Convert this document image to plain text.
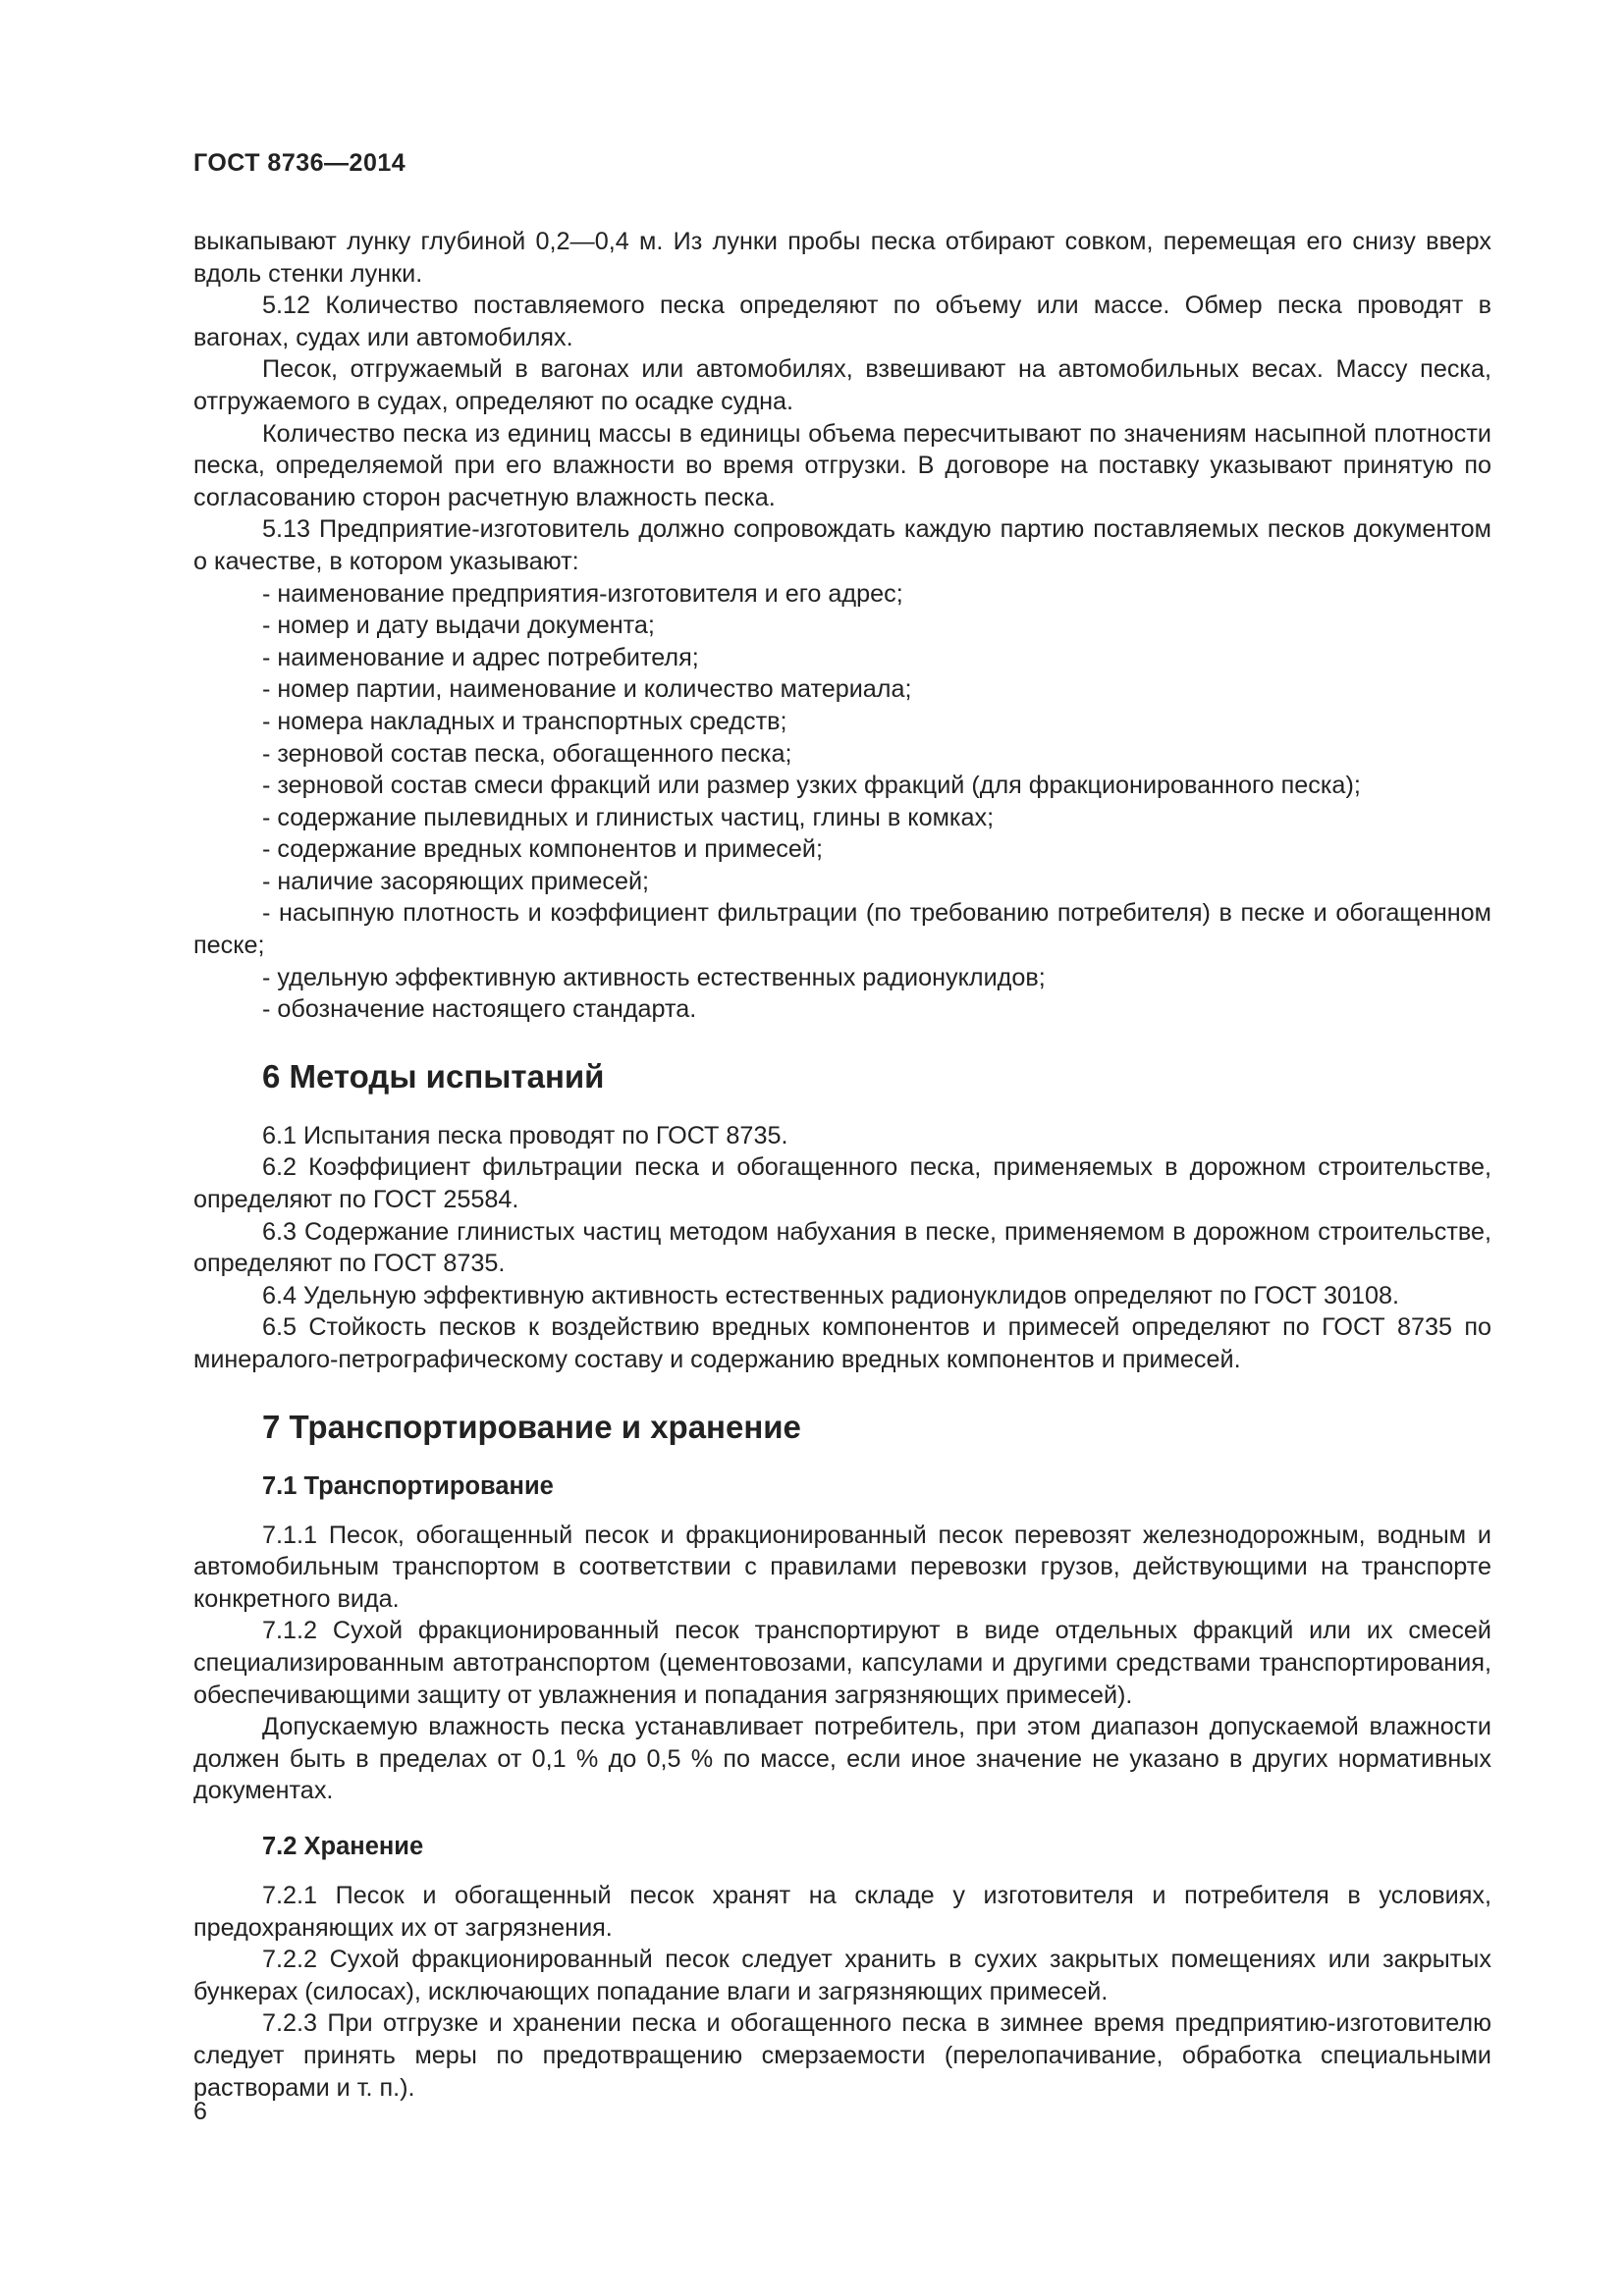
ГОСТ 8736—2014

выкапывают лунку глубиной 0,2—0,4 м. Из лунки пробы песка отбирают совком, перемещая его снизу вверх вдоль стенки лунки.

5.12 Количество поставляемого песка определяют по объему или массе. Обмер песка проводят в вагонах, судах или автомобилях.

Песок, отгружаемый в вагонах или автомобилях, взвешивают на автомобильных весах. Массу песка, отгружаемого в судах, определяют по осадке судна.

Количество песка из единиц массы в единицы объема пересчитывают по значениям насыпной плотности песка, определяемой при его влажности во время отгрузки. В договоре на поставку указывают принятую по согласованию сторон расчетную влажность песка.

5.13 Предприятие-изготовитель должно сопровождать каждую партию поставляемых песков документом о качестве, в котором указывают:

- наименование предприятия-изготовителя и его адрес;

- номер и дату выдачи документа;

- наименование и адрес потребителя;

- номер партии, наименование и количество материала;

- номера накладных и транспортных средств;

- зерновой состав песка, обогащенного песка;

- зерновой состав смеси фракций или размер узких фракций (для фракционированного песка);

- содержание пылевидных и глинистых частиц, глины в комках;

- содержание вредных компонентов и примесей;

- наличие засоряющих примесей;

- насыпную плотность и коэффициент фильтрации (по требованию потребителя) в песке и обогащенном песке;

- удельную эффективную активность естественных радионуклидов;

- обозначение настоящего стандарта.

6 Методы испытаний

6.1 Испытания песка проводят по ГОСТ 8735.

6.2 Коэффициент фильтрации песка и обогащенного песка, применяемых в дорожном строительстве, определяют по ГОСТ 25584.

6.3 Содержание глинистых частиц методом набухания в песке, применяемом в дорожном строительстве, определяют по ГОСТ 8735.

6.4 Удельную эффективную активность естественных радионуклидов определяют по ГОСТ 30108.

6.5 Стойкость песков к воздействию вредных компонентов и примесей определяют по ГОСТ 8735 по минералого-петрографическому составу и содержанию вредных компонентов и примесей.

7 Транспортирование и хранение
7.1 Транспортирование

7.1.1 Песок, обогащенный песок и фракционированный песок перевозят железнодорожным, водным и автомобильным транспортом в соответствии с правилами перевозки грузов, действующими на транспорте конкретного вида.

7.1.2 Сухой фракционированный песок транспортируют в виде отдельных фракций или их смесей специализированным автотранспортом (цементовозами, капсулами и другими средствами транспортирования, обеспечивающими защиту от увлажнения и попадания загрязняющих примесей).

Допускаемую влажность песка устанавливает потребитель, при этом диапазон допускаемой влажности должен быть в пределах от 0,1 % до 0,5 % по массе, если иное значение не указано в других нормативных документах.

7.2 Хранение

7.2.1 Песок и обогащенный песок хранят на складе у изготовителя и потребителя в условиях, предохраняющих их от загрязнения.

7.2.2 Сухой фракционированный песок следует хранить в сухих закрытых помещениях или закрытых бункерах (силосах), исключающих попадание влаги и загрязняющих примесей.

7.2.3 При отгрузке и хранении песка и обогащенного песка в зимнее время предприятию-изготовителю следует принять меры по предотвращению смерзаемости (перелопачивание, обработка специальными растворами и т. п.).

6
